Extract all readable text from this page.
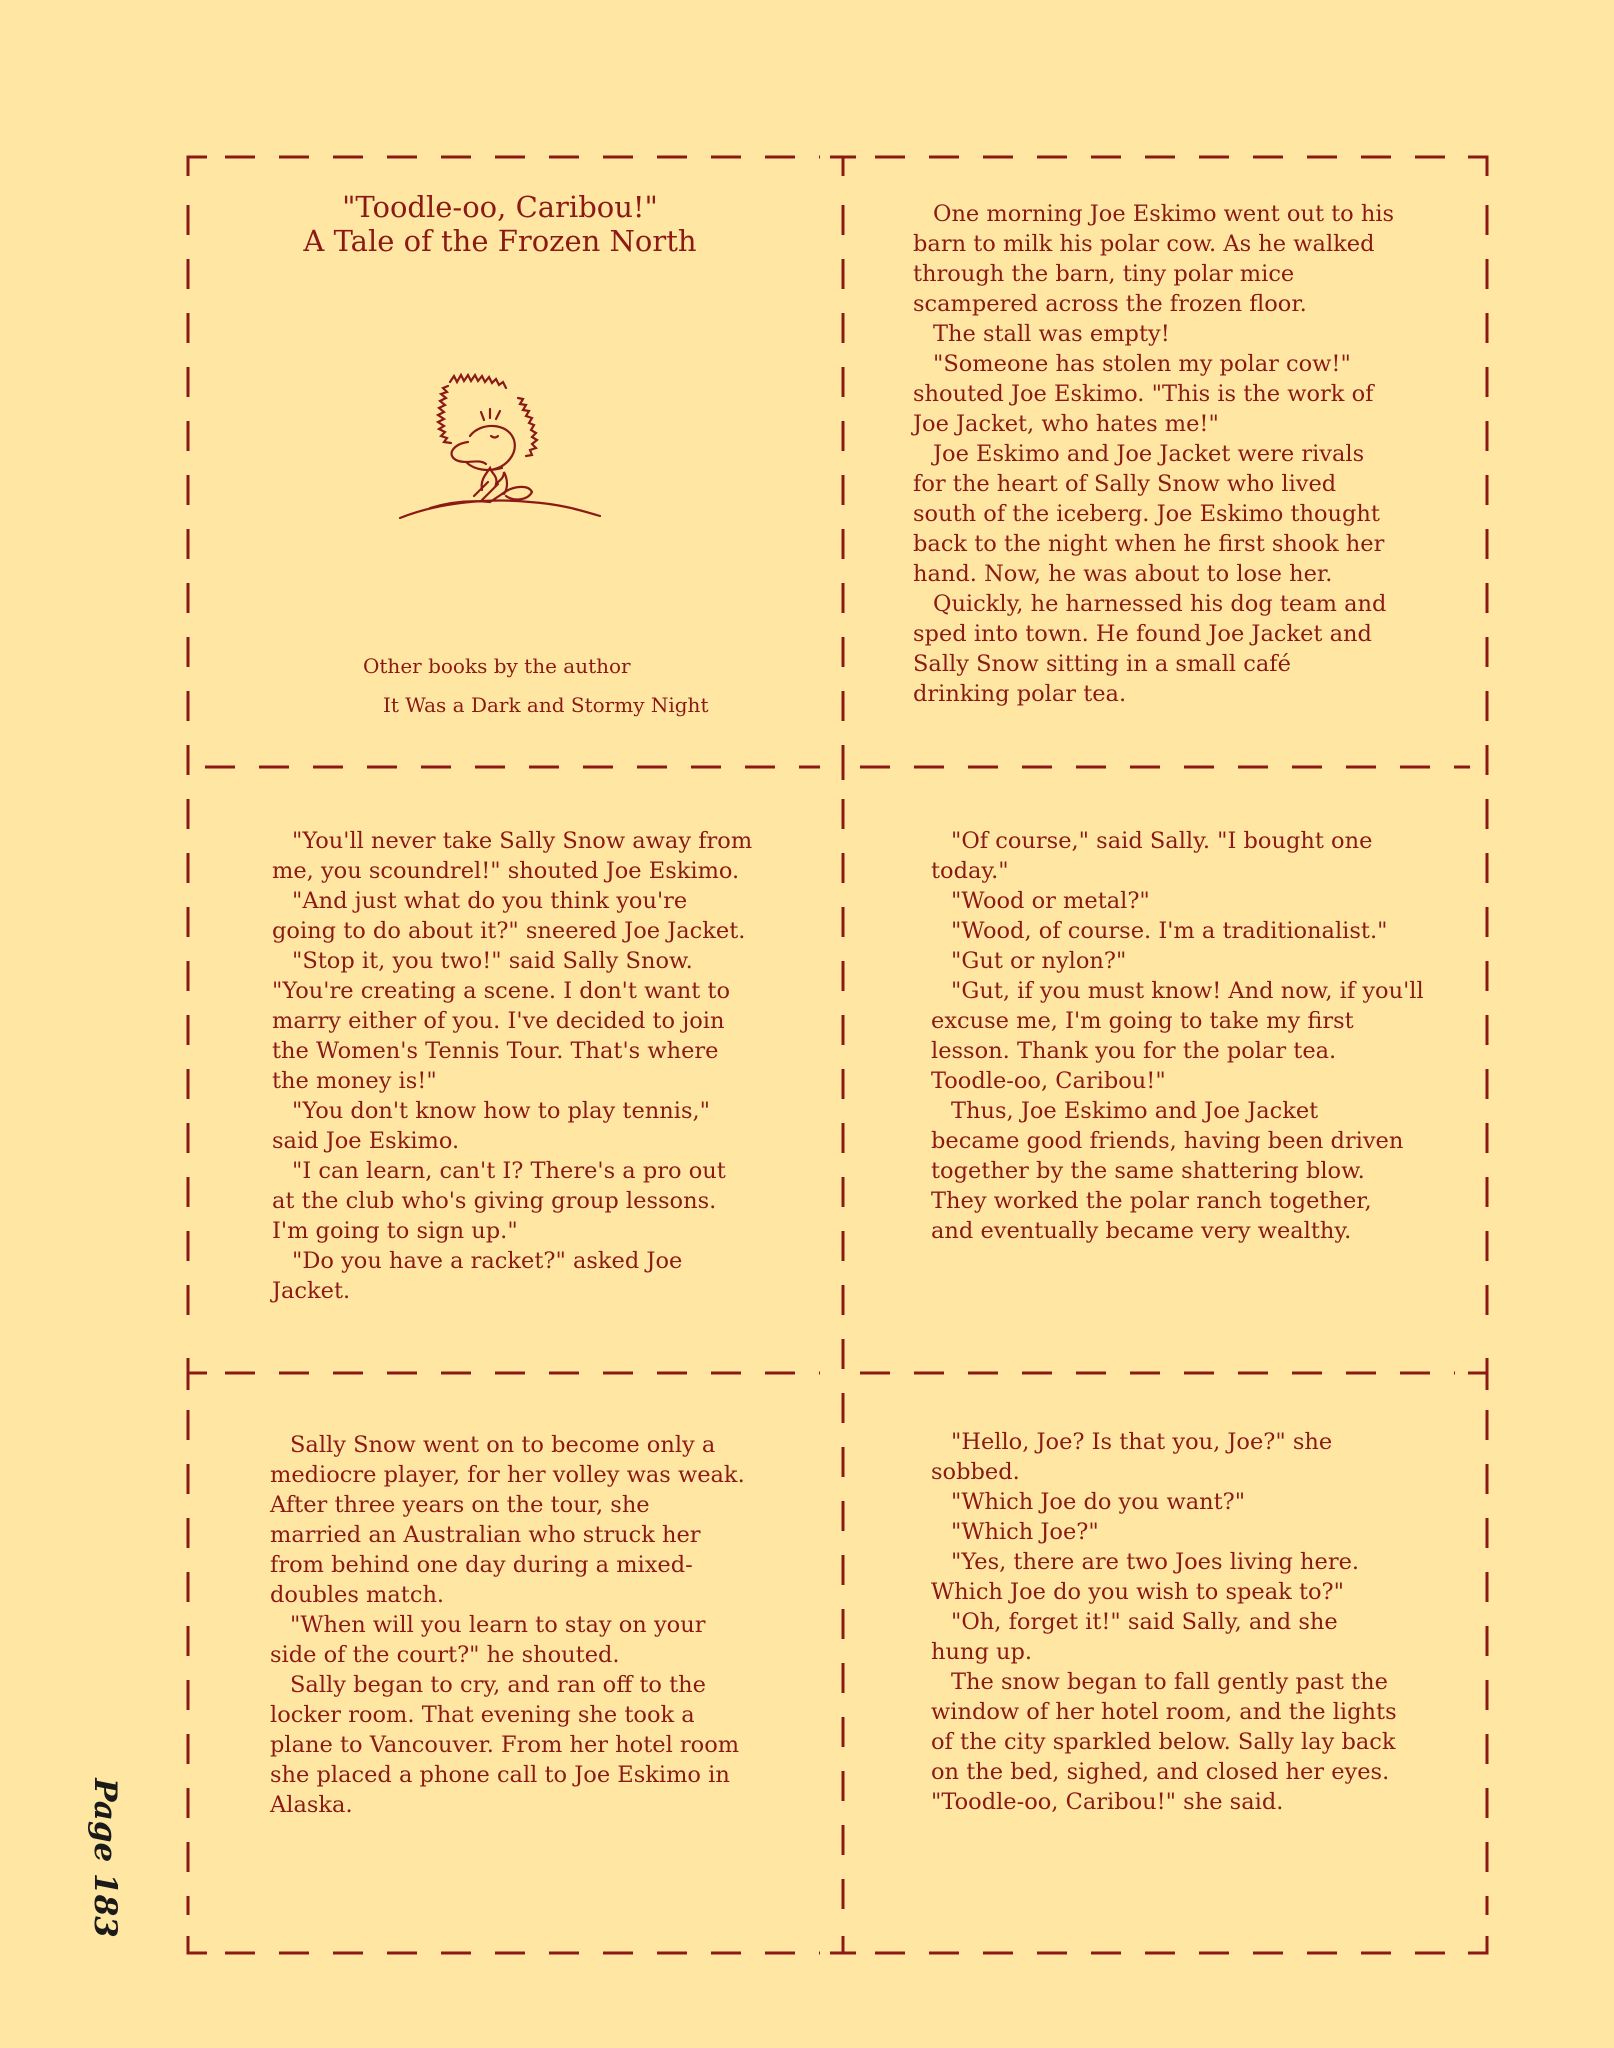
"Toodle-oo, Caribou!"
A Tale of the Frozen North
Other books by the author
It Was a Dark and Stormy Night

One morning Joe Eskimo went out to his
barn to milk his polar cow. As he walked
through the barn, tiny polar mice
scampered across the frozen floor.

The stall was empty!

"Someone has stolen my polar cow!"
shouted Joe Eskimo. "This is the work of
Joe Jacket, who hates me!"

Joe Eskimo and Joe Jacket were rivals
for the heart of Sally Snow who lived
south of the iceberg. Joe Eskimo thought
back to the night when he first shook her
hand. Now, he was about to lose her.

Quickly, he harnessed his dog team and
sped into town. He found Joe Jacket and
Sally Snow sitting in a small café
drinking polar tea.

"You'll never take Sally Snow away from
me, you scoundrel!" shouted Joe Eskimo.

"And just what do you think you're
going to do about it?" sneered Joe Jacket.

"Stop it, you two!" said Sally Snow.
"You're creating a scene. I don't want to
marry either of you. I've decided to join
the Women's Tennis Tour. That's where
the money is!"

"You don't know how to play tennis,"
said Joe Eskimo.

"I can learn, can't I? There's a pro out
at the club who's giving group lessons.
I'm going to sign up."

"Do you have a racket?" asked Joe
Jacket.

"Of course," said Sally. "I bought one
today."

"Wood or metal?"

"Wood, of course. I'm a traditionalist."

"Gut or nylon?"

"Gut, if you must know! And now, if you'll
excuse me, I'm going to take my first
lesson. Thank you for the polar tea.
Toodle-oo, Caribou!"

Thus, Joe Eskimo and Joe Jacket
became good friends, having been driven
together by the same shattering blow.
They worked the polar ranch together,
and eventually became very wealthy.

Sally Snow went on to become only a
mediocre player, for her volley was weak.
After three years on the tour, she
married an Australian who struck her
from behind one day during a mixed-
doubles match.

"When will you learn to stay on your
side of the court?" he shouted.

Sally began to cry, and ran off to the
locker room. That evening she took a
plane to Vancouver. From her hotel room
she placed a phone call to Joe Eskimo in
Alaska.

"Hello, Joe? Is that you, Joe?" she
sobbed.

"Which Joe do you want?"

"Which Joe?"

"Yes, there are two Joes living here.
Which Joe do you wish to speak to?"

"Oh, forget it!" said Sally, and she
hung up.

The snow began to fall gently past the
window of her hotel room, and the lights
of the city sparkled below. Sally lay back
on the bed, sighed, and closed her eyes.
"Toodle-oo, Caribou!" she said.

Page 183
